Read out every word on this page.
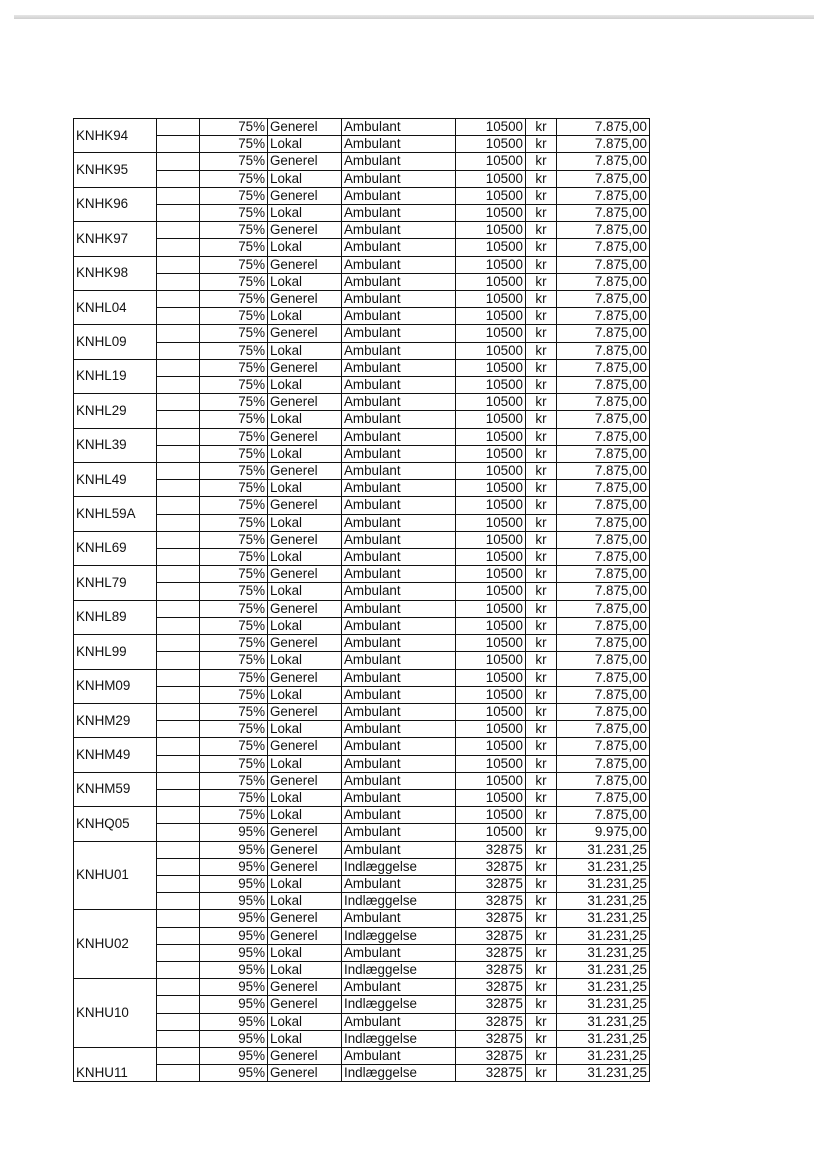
KNHK94		75%	Generel	Ambulant	10500	kr	7.875,00
		75%	Lokal	Ambulant	10500	kr	7.875,00
KNHK95		75%	Generel	Ambulant	10500	kr	7.875,00
		75%	Lokal	Ambulant	10500	kr	7.875,00
KNHK96		75%	Generel	Ambulant	10500	kr	7.875,00
		75%	Lokal	Ambulant	10500	kr	7.875,00
KNHK97		75%	Generel	Ambulant	10500	kr	7.875,00
		75%	Lokal	Ambulant	10500	kr	7.875,00
KNHK98		75%	Generel	Ambulant	10500	kr	7.875,00
		75%	Lokal	Ambulant	10500	kr	7.875,00
KNHL04		75%	Generel	Ambulant	10500	kr	7.875,00
		75%	Lokal	Ambulant	10500	kr	7.875,00
KNHL09		75%	Generel	Ambulant	10500	kr	7.875,00
		75%	Lokal	Ambulant	10500	kr	7.875,00
KNHL19		75%	Generel	Ambulant	10500	kr	7.875,00
		75%	Lokal	Ambulant	10500	kr	7.875,00
KNHL29		75%	Generel	Ambulant	10500	kr	7.875,00
		75%	Lokal	Ambulant	10500	kr	7.875,00
KNHL39		75%	Generel	Ambulant	10500	kr	7.875,00
		75%	Lokal	Ambulant	10500	kr	7.875,00
KNHL49		75%	Generel	Ambulant	10500	kr	7.875,00
		75%	Lokal	Ambulant	10500	kr	7.875,00
KNHL59A		75%	Generel	Ambulant	10500	kr	7.875,00
		75%	Lokal	Ambulant	10500	kr	7.875,00
KNHL69		75%	Generel	Ambulant	10500	kr	7.875,00
		75%	Lokal	Ambulant	10500	kr	7.875,00
KNHL79		75%	Generel	Ambulant	10500	kr	7.875,00
		75%	Lokal	Ambulant	10500	kr	7.875,00
KNHL89		75%	Generel	Ambulant	10500	kr	7.875,00
		75%	Lokal	Ambulant	10500	kr	7.875,00
KNHL99		75%	Generel	Ambulant	10500	kr	7.875,00
		75%	Lokal	Ambulant	10500	kr	7.875,00
KNHM09		75%	Generel	Ambulant	10500	kr	7.875,00
		75%	Lokal	Ambulant	10500	kr	7.875,00
KNHM29		75%	Generel	Ambulant	10500	kr	7.875,00
		75%	Lokal	Ambulant	10500	kr	7.875,00
KNHM49		75%	Generel	Ambulant	10500	kr	7.875,00
		75%	Lokal	Ambulant	10500	kr	7.875,00
KNHM59		75%	Generel	Ambulant	10500	kr	7.875,00
		75%	Lokal	Ambulant	10500	kr	7.875,00
KNHQ05		75%	Lokal	Ambulant	10500	kr	7.875,00
		95%	Generel	Ambulant	10500	kr	9.975,00
KNHU01		95%	Generel	Ambulant	32875	kr	31.231,25
		95%	Generel	Indlæggelse	32875	kr	31.231,25
		95%	Lokal	Ambulant	32875	kr	31.231,25
		95%	Lokal	Indlæggelse	32875	kr	31.231,25
KNHU02		95%	Generel	Ambulant	32875	kr	31.231,25
		95%	Generel	Indlæggelse	32875	kr	31.231,25
		95%	Lokal	Ambulant	32875	kr	31.231,25
		95%	Lokal	Indlæggelse	32875	kr	31.231,25
KNHU10		95%	Generel	Ambulant	32875	kr	31.231,25
		95%	Generel	Indlæggelse	32875	kr	31.231,25
		95%	Lokal	Ambulant	32875	kr	31.231,25
		95%	Lokal	Indlæggelse	32875	kr	31.231,25
KNHU11		95%	Generel	Ambulant	32875	kr	31.231,25
		95%	Generel	Indlæggelse	32875	kr	31.231,25
